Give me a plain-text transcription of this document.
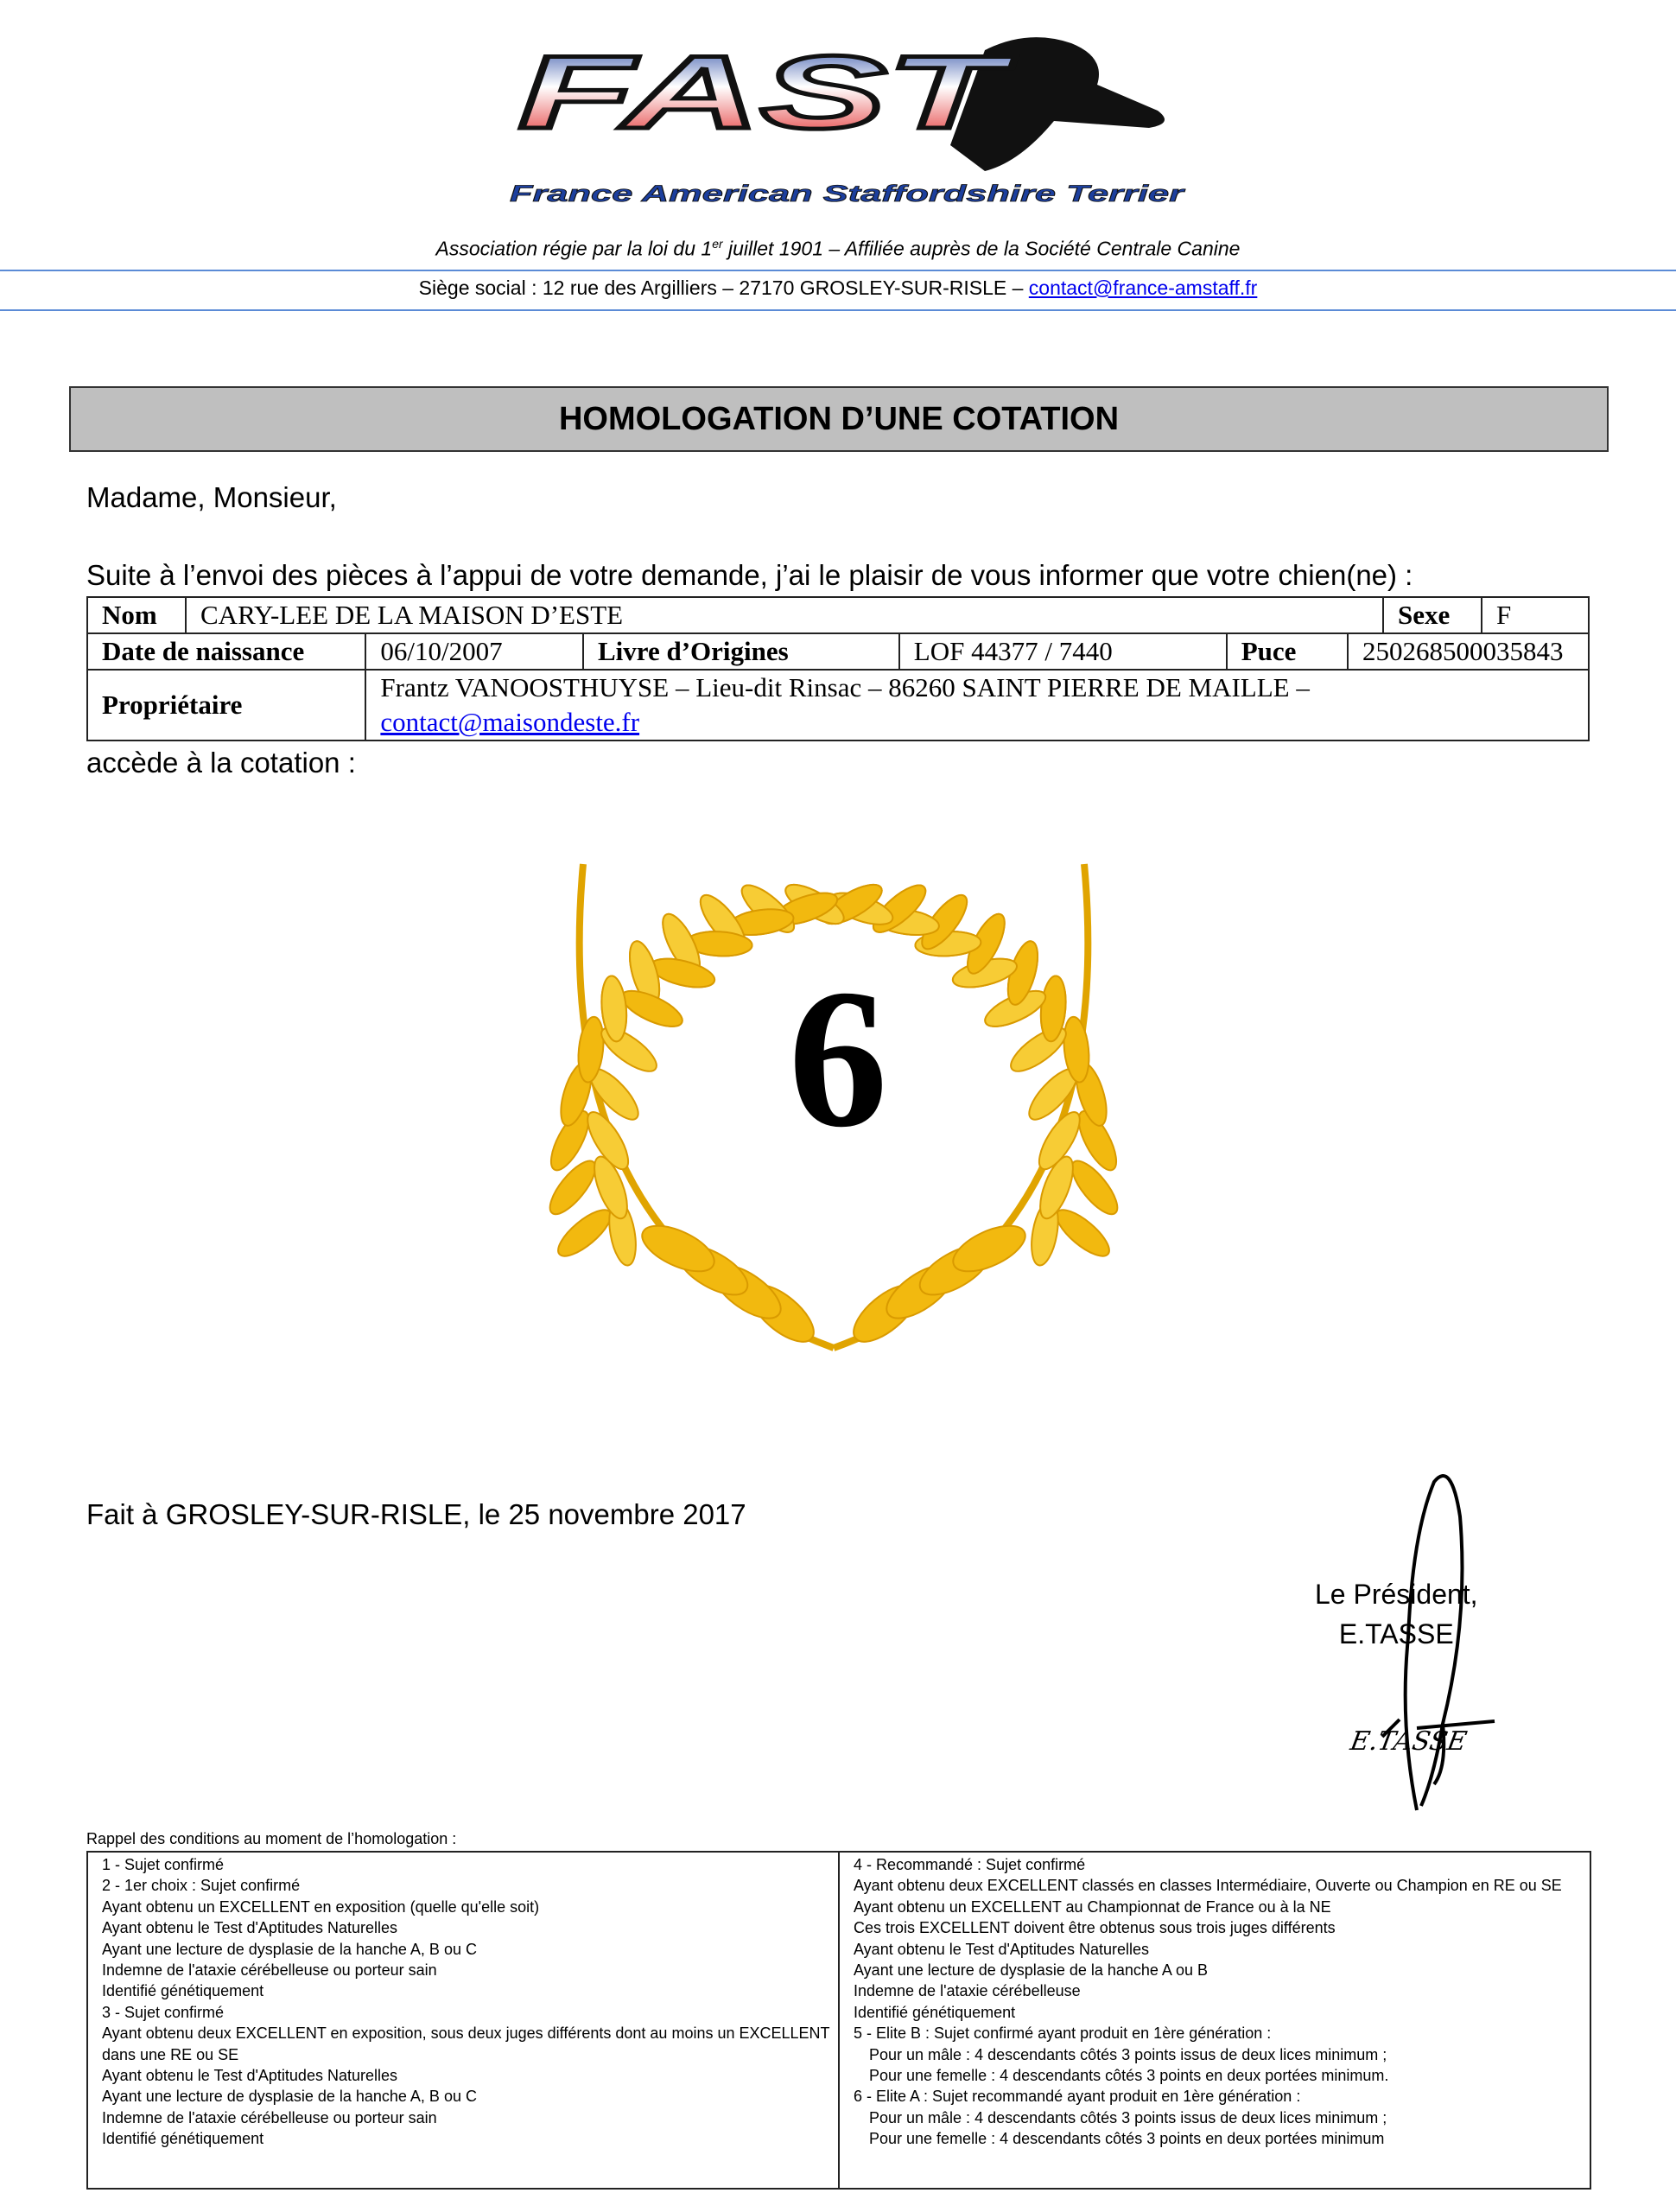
FAST
France American Staffordshire Terrier
Association régie par la loi du 1er juillet 1901 – Affiliée auprès de la Société Centrale Canine
Siège social : 12 rue des Argilliers – 27170 GROSLEY-SUR-RISLE – contact@france-amstaff.fr
HOMOLOGATION D’UNE COTATION
Madame, Monsieur,
Suite à l’envoi des pièces à l’appui de votre demande, j’ai le plaisir de vous informer que votre chien(ne) :
Nom	CARY-LEE DE LA MAISON D’ESTE						Sexe	F
Date de naissance		06/10/2007	Livre d’Origines	LOF 44377 / 7440	Puce	250268500035843		
Propriétaire		Frantz VANOOSTHUYSE – Lieu-dit Rinsac – 86260 SAINT PIERRE DE MAILLE –
contact@maisondeste.fr						
accède à la cotation :
6
Fait à GROSLEY-SUR-RISLE, le 25 novembre 2017
E.TASSE
Le Président,
E.TASSE
Rappel des conditions au moment de l’homologation :
1 - Sujet confirmé
2 - 1er choix : Sujet confirmé
Ayant obtenu un EXCELLENT en exposition (quelle qu'elle soit)
Ayant obtenu le Test d'Aptitudes Naturelles
Ayant une lecture de dysplasie de la hanche A, B ou C
Indemne de l'ataxie cérébelleuse ou porteur sain
Identifié génétiquement
3 - Sujet confirmé
Ayant obtenu deux EXCELLENT en exposition, sous deux juges différents dont au moins un EXCELLENT
dans une RE ou SE
Ayant obtenu le Test d'Aptitudes Naturelles
Ayant une lecture de dysplasie de la hanche A, B ou C
Indemne de l'ataxie cérébelleuse ou porteur sain
Identifié génétiquement
4 - Recommandé : Sujet confirmé
Ayant obtenu deux EXCELLENT classés en classes Intermédiaire, Ouverte ou Champion en RE ou SE
Ayant obtenu un EXCELLENT au Championnat de France ou à la NE
Ces trois EXCELLENT doivent être obtenus sous trois juges différents
Ayant obtenu le Test d'Aptitudes Naturelles
Ayant une lecture de dysplasie de la hanche A ou B
Indemne de l'ataxie cérébelleuse
Identifié génétiquement
5 - Elite B : Sujet confirmé ayant produit en 1ère génération :
Pour un mâle : 4 descendants côtés 3 points issus de deux lices minimum ;
Pour une femelle : 4 descendants côtés 3 points en deux portées minimum.
6 - Elite A : Sujet recommandé ayant produit en 1ère génération :
Pour un mâle : 4 descendants côtés 3 points issus de deux lices minimum ;
Pour une femelle : 4 descendants côtés 3 points en deux portées minimum
